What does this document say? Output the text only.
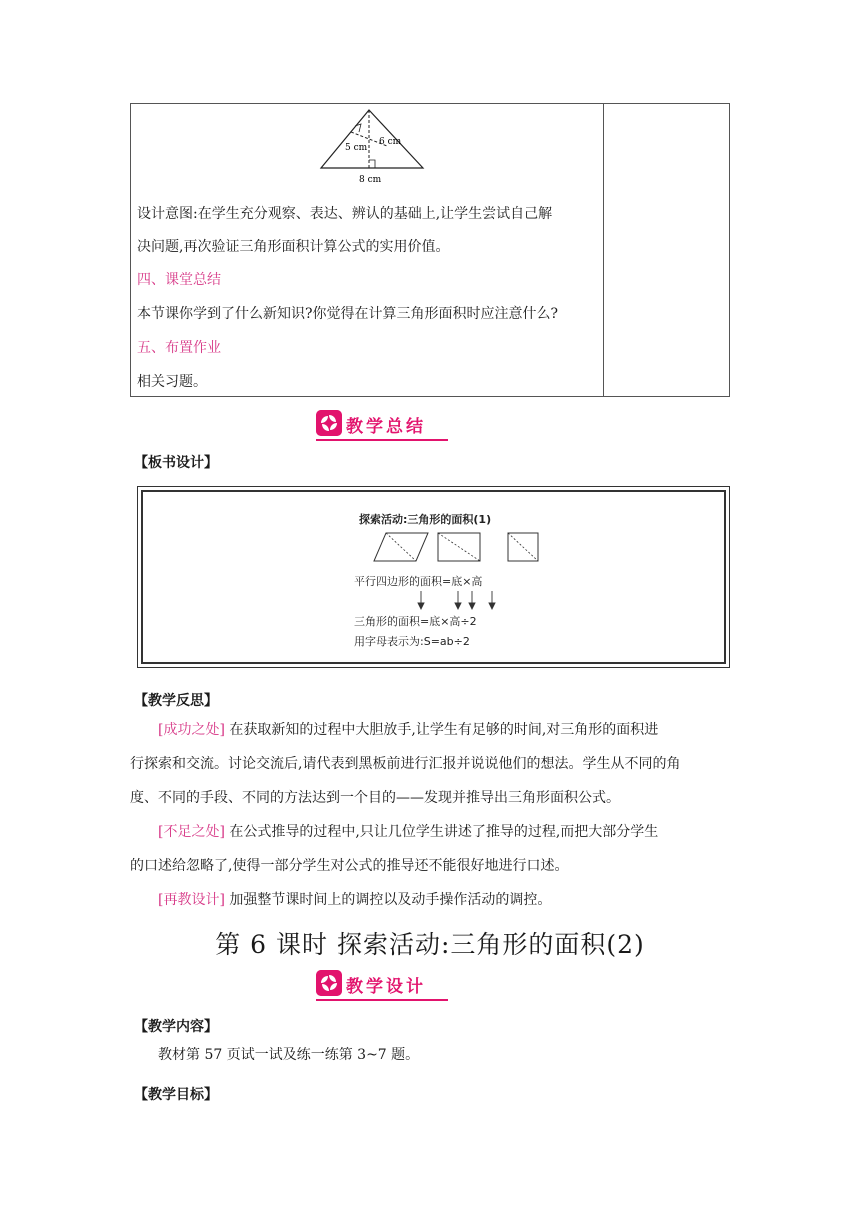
5 cm
6 cm
8 cm
设计意图:在学生充分观察、表达、辨认的基础上,让学生尝试自己解
决问题,再次验证三角形面积计算公式的实用价值。
四、课堂总结
本节课你学到了什么新知识?你觉得在计算三角形面积时应注意什么?
五、布置作业
相关习题。
教学总结
【板书设计】
探索活动:三角形的面积(1)
平行四边形的面积=底×高
三角形的面积=底×高÷2
用字母表示为:S=ab÷2
【教学反思】
[成功之处] 在获取新知的过程中大胆放手,让学生有足够的时间,对三角形的面积进
行探索和交流。讨论交流后,请代表到黑板前进行汇报并说说他们的想法。学生从不同的角
度、不同的手段、不同的方法达到一个目的——发现并推导出三角形面积公式。
[不足之处] 在公式推导的过程中,只让几位学生讲述了推导的过程,而把大部分学生
的口述给忽略了,使得一部分学生对公式的推导还不能很好地进行口述。
[再教设计] 加强整节课时间上的调控以及动手操作活动的调控。
第 6 课时 探索活动:三角形的面积(2)
教学设计
【教学内容】
教材第 57 页试一试及练一练第 3~7 题。
【教学目标】
